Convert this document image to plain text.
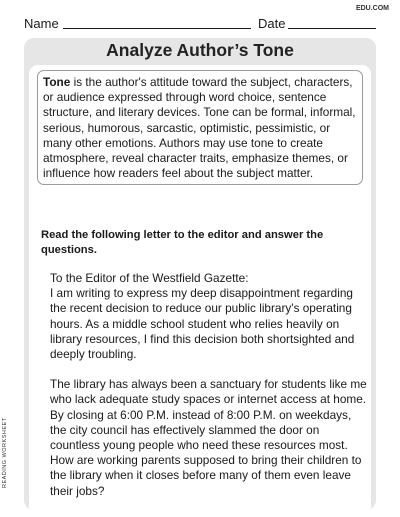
EDU.COM
Name	Date
READING WORKSHEET
Analyze Author’s Tone
Tone is the author's attitude toward the subject, characters, or audience expressed through word choice, sentence structure, and literary devices. Tone can be formal, informal, serious, humorous, sarcastic, optimistic, pessimistic, or many other emotions. Authors may use tone to create atmosphere, reveal character traits, emphasize themes, or influence how readers feel about the subject matter.
Read the following letter to the editor and answer the questions.

To the Editor of the Westfield Gazette:

I am writing to express my deep disappointment regarding the recent decision to reduce our public library's operating hours. As a middle school student who relies heavily on library resources, I find this decision both shortsighted and deeply troubling.

The library has always been a sanctuary for students like me who lack adequate study spaces or internet access at home. By closing at 6:00 P.M. instead of 8:00 P.M. on weekdays, the city council has effectively slammed the door on countless young people who need these resources most. How are working parents supposed to bring their children to the library when it closes before many of them even leave their jobs?
